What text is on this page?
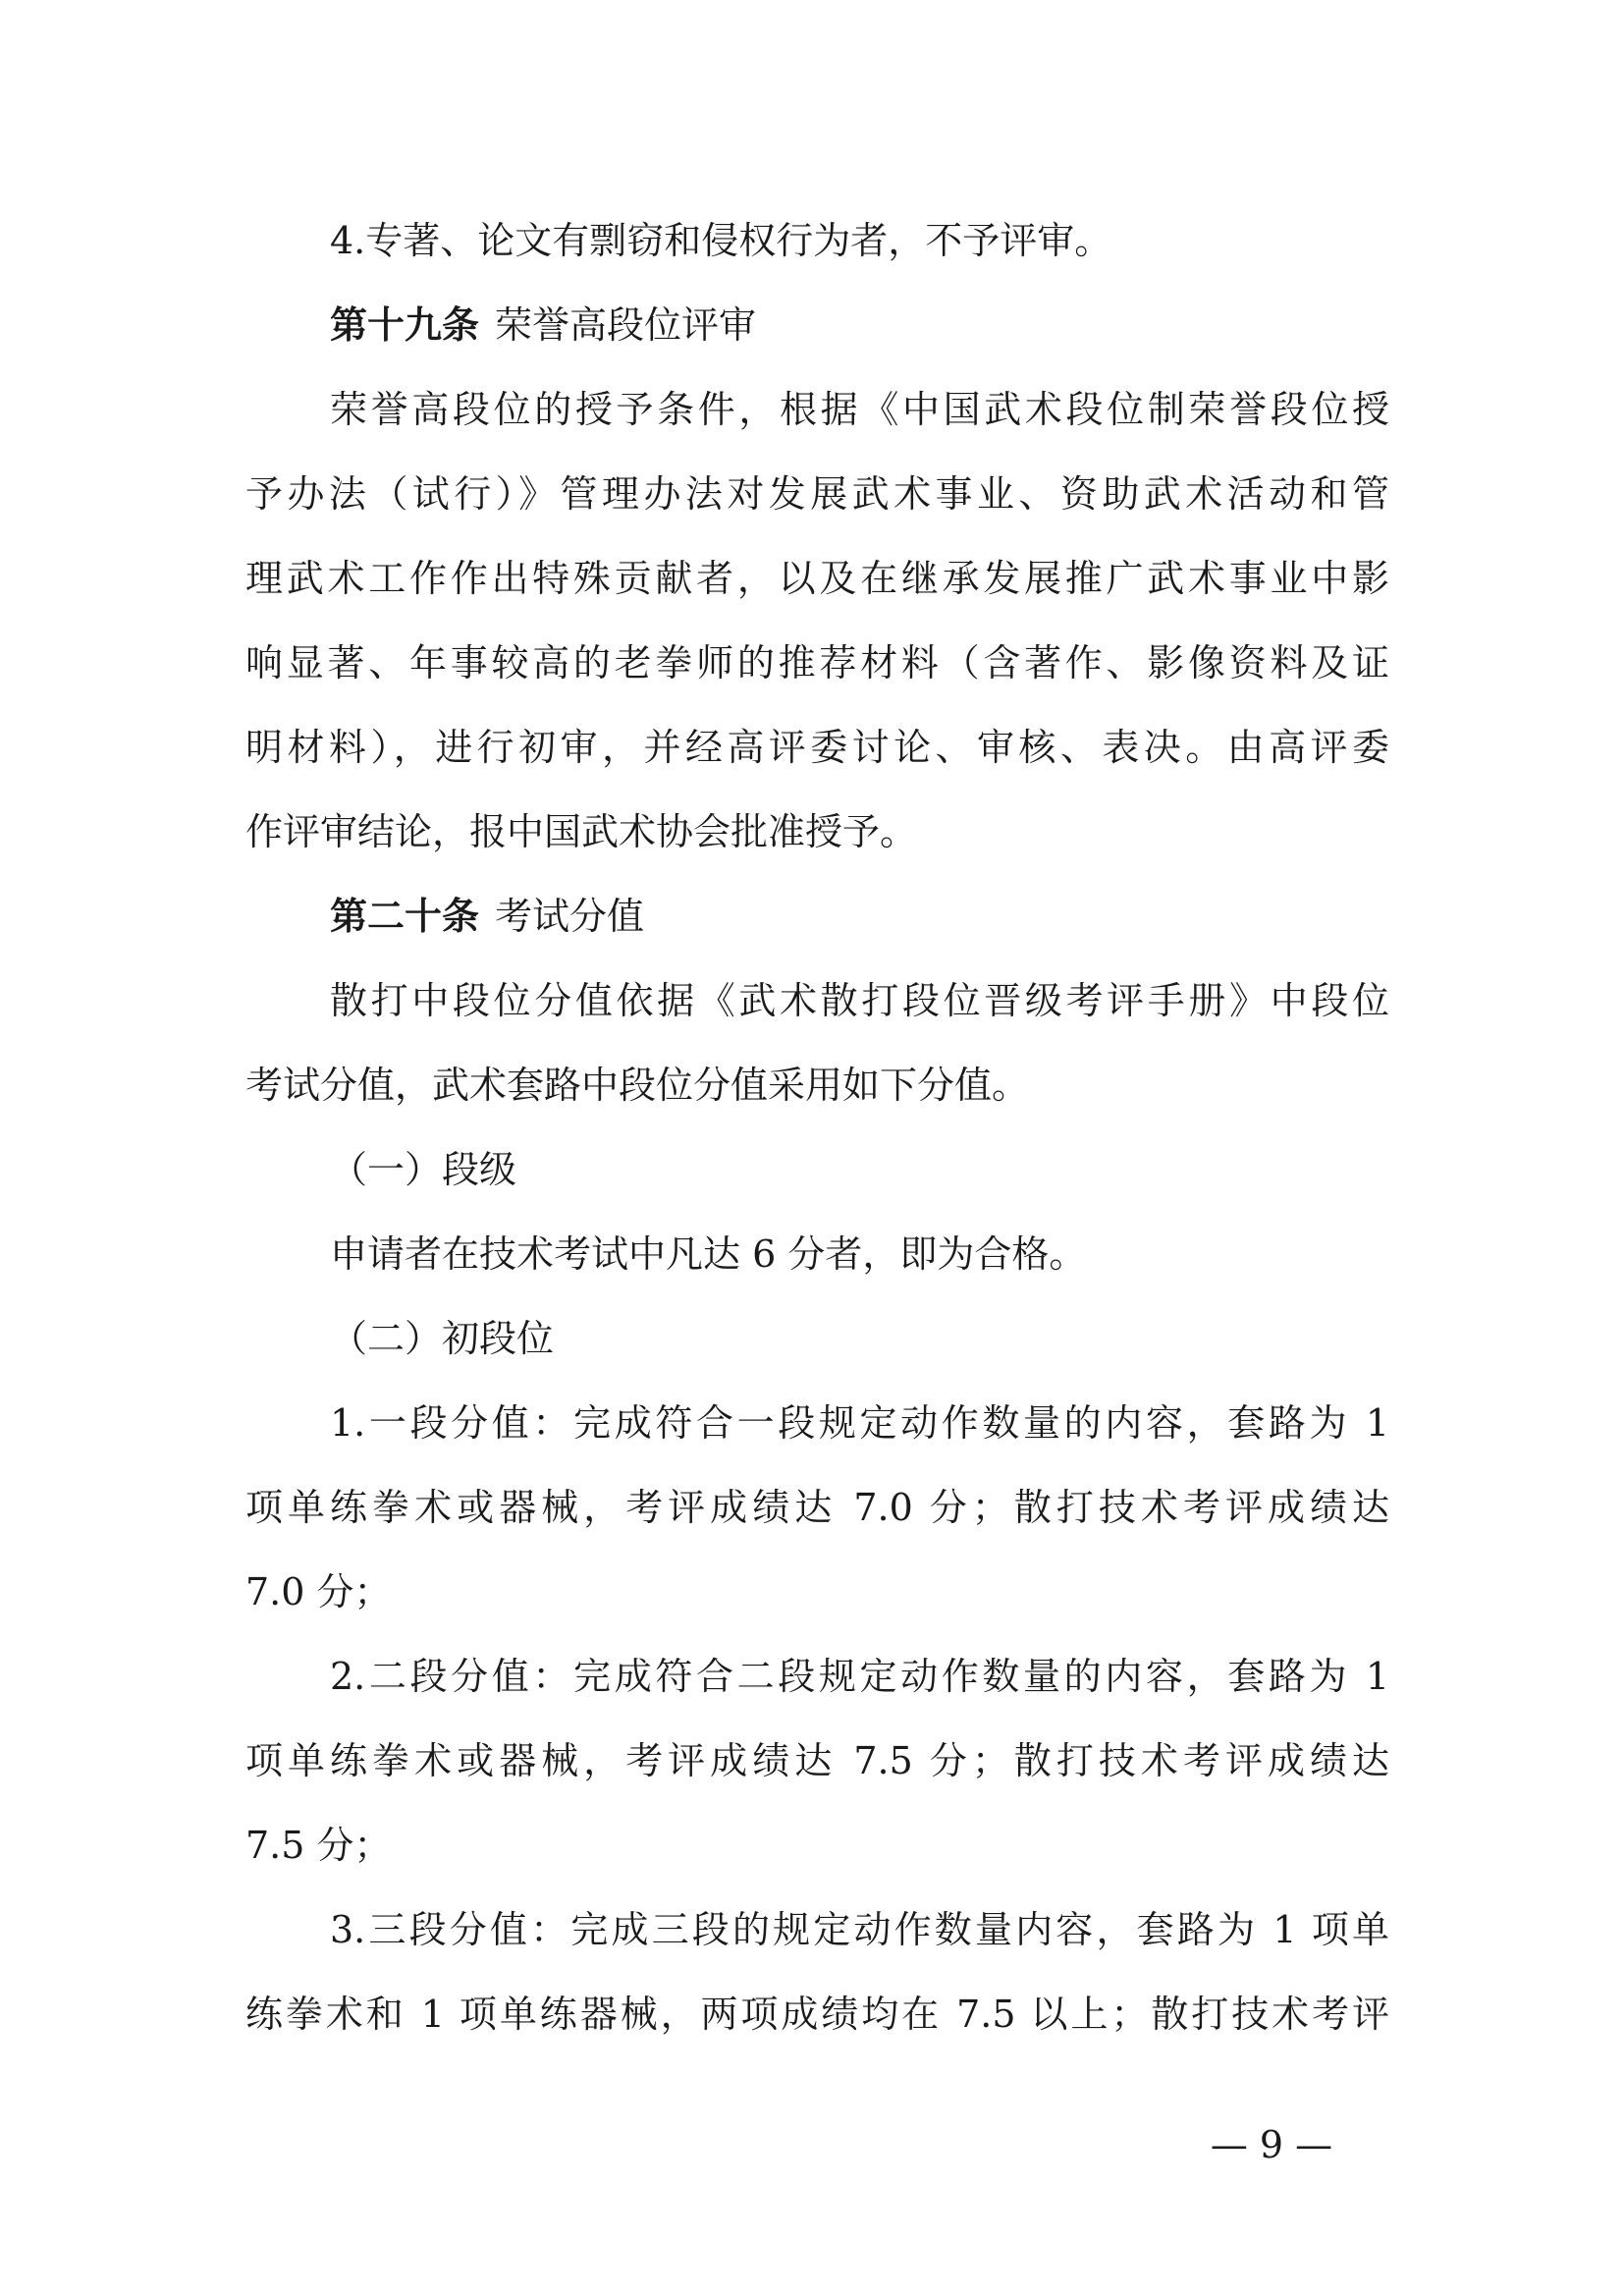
4.专著、论文有剽窃和侵权行为者，不予评审。
第十九条 荣誉高段位评审
荣誉高段位的授予条件，根据《中国武术段位制荣誉段位授
予办法（试行）》管理办法对发展武术事业、资助武术活动和管
理武术工作作出特殊贡献者，以及在继承发展推广武术事业中影
响显著、年事较高的老拳师的推荐材料（含著作、影像资料及证
明材料），进行初审，并经高评委讨论、审核、表决。由高评委
作评审结论，报中国武术协会批准授予。
第二十条 考试分值
散打中段位分值依据《武术散打段位晋级考评手册》中段位
考试分值，武术套路中段位分值采用如下分值。
（一）段级
申请者在技术考试中凡达 6 分者，即为合格。
（二）初段位
1.一段分值：完成符合一段规定动作数量的内容，套路为 1
项单练拳术或器械，考评成绩达 7.0 分；散打技术考评成绩达
7.0 分；
2.二段分值：完成符合二段规定动作数量的内容，套路为 1
项单练拳术或器械，考评成绩达 7.5 分；散打技术考评成绩达
7.5 分；
3.三段分值：完成三段的规定动作数量内容，套路为 1 项单
练拳术和 1 项单练器械，两项成绩均在 7.5 以上；散打技术考评
— 9 —
